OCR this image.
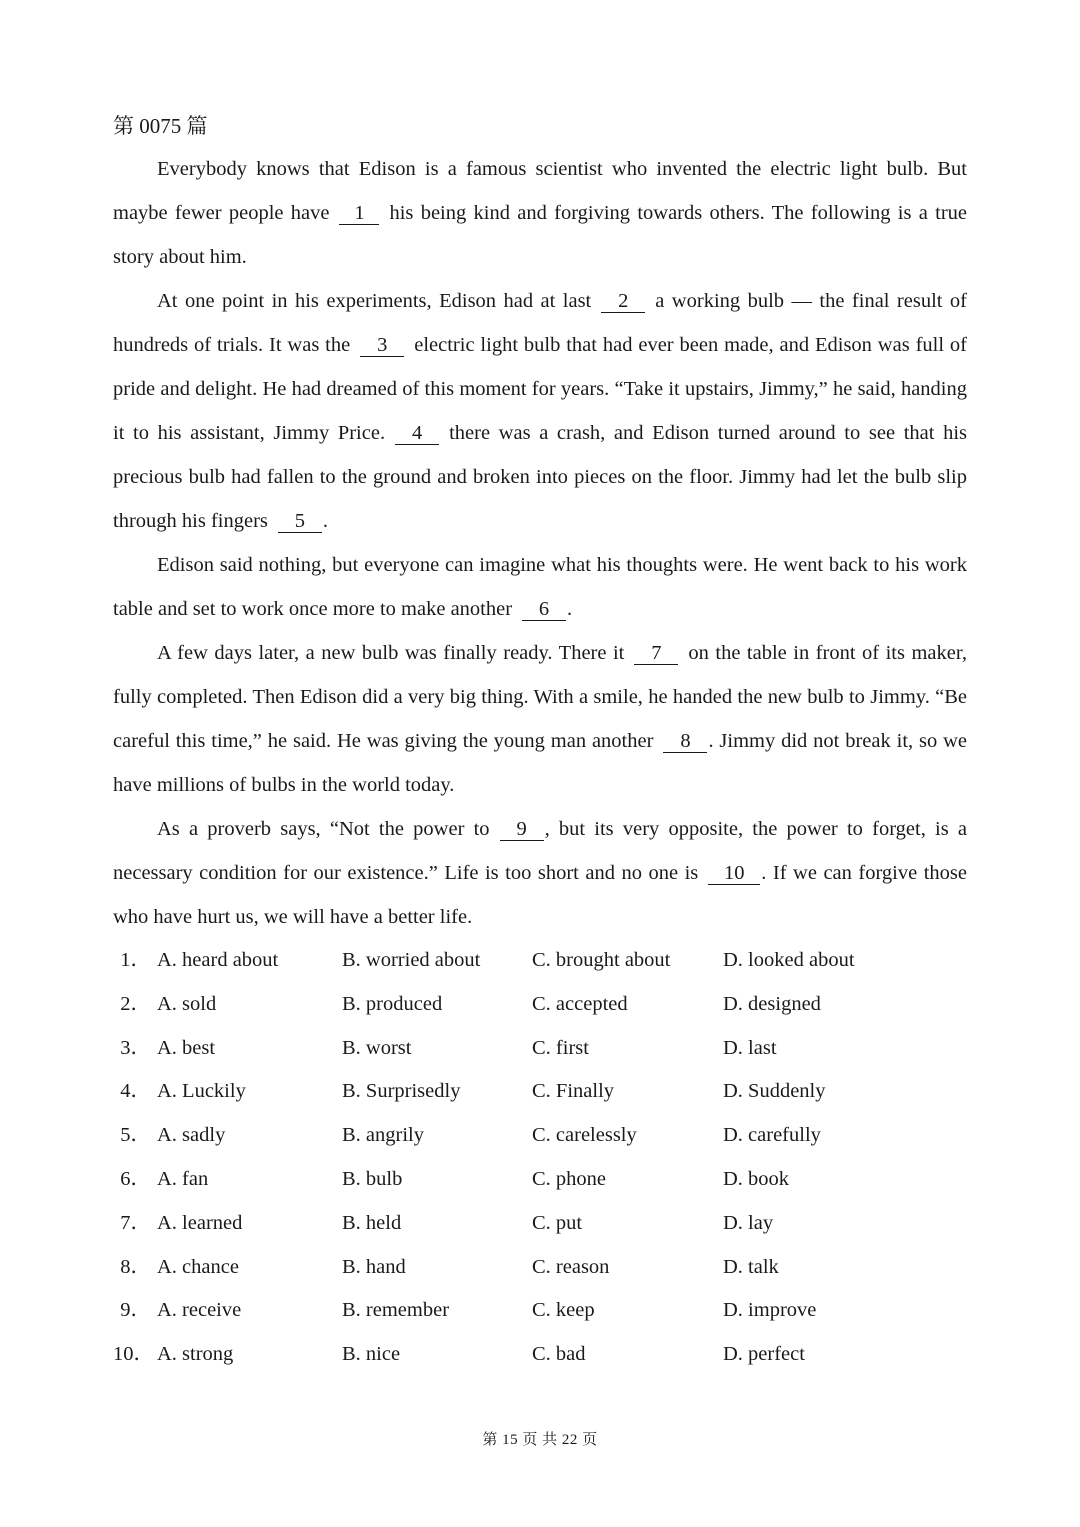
第 0075 篇

Everybody knows that Edison is a famous scientist who invented the electric light bulb. But maybe fewer people have 1 his being kind and forgiving towards others. The following is a true story about him.

At one point in his experiments, Edison had at last 2 a working bulb — the final result of hundreds of trials. It was the 3 electric light bulb that had ever been made, and Edison was full of pride and delight. He had dreamed of this moment for years. “Take it upstairs, Jimmy,” he said, handing it to his assistant, Jimmy Price. 4 there was a crash, and Edison turned around to see that his precious bulb had fallen to the ground and broken into pieces on the floor. Jimmy had let the bulb slip through his fingers 5 .

Edison said nothing, but everyone can imagine what his thoughts were. He went back to his work table and set to work once more to make another 6 .

A few days later, a new bulb was finally ready. There it 7 on the table in front of its maker, fully completed. Then Edison did a very big thing. With a smile, he handed the new bulb to Jimmy. “Be careful this time,” he said. He was giving the young man another 8 . Jimmy did not break it, so we have millions of bulbs in the world today.

As a proverb says, “Not the power to 9 , but its very opposite, the power to forget, is a necessary condition for our existence.” Life is too short and no one is 10 . If we can forgive those who have hurt us, we will have a better life.

1． A. heard about	B. worried about	C. brought about	D. looked about
2． A. sold	B. produced	C. accepted	D. designed
3． A. best	B. worst	C. first	D. last
4． A. Luckily	B. Surprisedly	C. Finally	D. Suddenly
5． A. sadly	B. angrily	C. carelessly	D. carefully
6． A. fan	B. bulb	C. phone	D. book
7． A. learned	B. held	C. put	D. lay
8． A. chance	B. hand	C. reason	D. talk
9． A. receive	B. remember	C. keep	D. improve
10． A. strong	B. nice	C. bad	D. perfect
第 15 页 共 22 页
